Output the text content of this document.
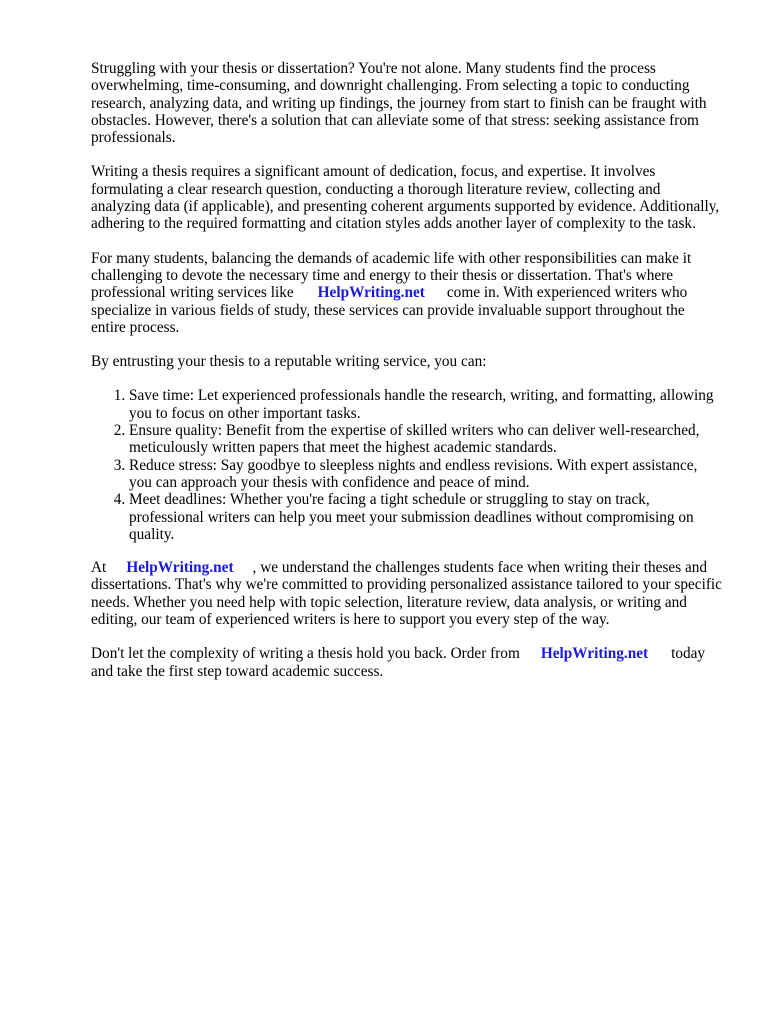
Struggling with your thesis or dissertation? You're not alone. Many students find the process overwhelming, time-consuming, and downright challenging. From selecting a topic to conducting research, analyzing data, and writing up findings, the journey from start to finish can be fraught with obstacles. However, there's a solution that can alleviate some of that stress: seeking assistance from professionals.

Writing a thesis requires a significant amount of dedication, focus, and expertise. It involves formulating a clear research question, conducting a thorough literature review, collecting and analyzing data (if applicable), and presenting coherent arguments supported by evidence. Additionally, adhering to the required formatting and citation styles adds another layer of complexity to the task.

For many students, balancing the demands of academic life with other responsibilities can make it challenging to devote the necessary time and energy to their thesis or dissertation. That's where professional writing services like HelpWriting.net come in. With experienced writers who specialize in various fields of study, these services can provide invaluable support throughout the entire process.

By entrusting your thesis to a reputable writing service, you can:

1. Save time: Let experienced professionals handle the research, writing, and formatting, allowing you to focus on other important tasks.
2. Ensure quality: Benefit from the expertise of skilled writers who can deliver well-researched, meticulously written papers that meet the highest academic standards.
3. Reduce stress: Say goodbye to sleepless nights and endless revisions. With expert assistance, you can approach your thesis with confidence and peace of mind.
4. Meet deadlines: Whether you're facing a tight schedule or struggling to stay on track, professional writers can help you meet your submission deadlines without compromising on quality.

At HelpWriting.net , we understand the challenges students face when writing their theses and dissertations. That's why we're committed to providing personalized assistance tailored to your specific needs. Whether you need help with topic selection, literature review, data analysis, or writing and editing, our team of experienced writers is here to support you every step of the way.

Don't let the complexity of writing a thesis hold you back. Order from HelpWriting.net today and take the first step toward academic success.
